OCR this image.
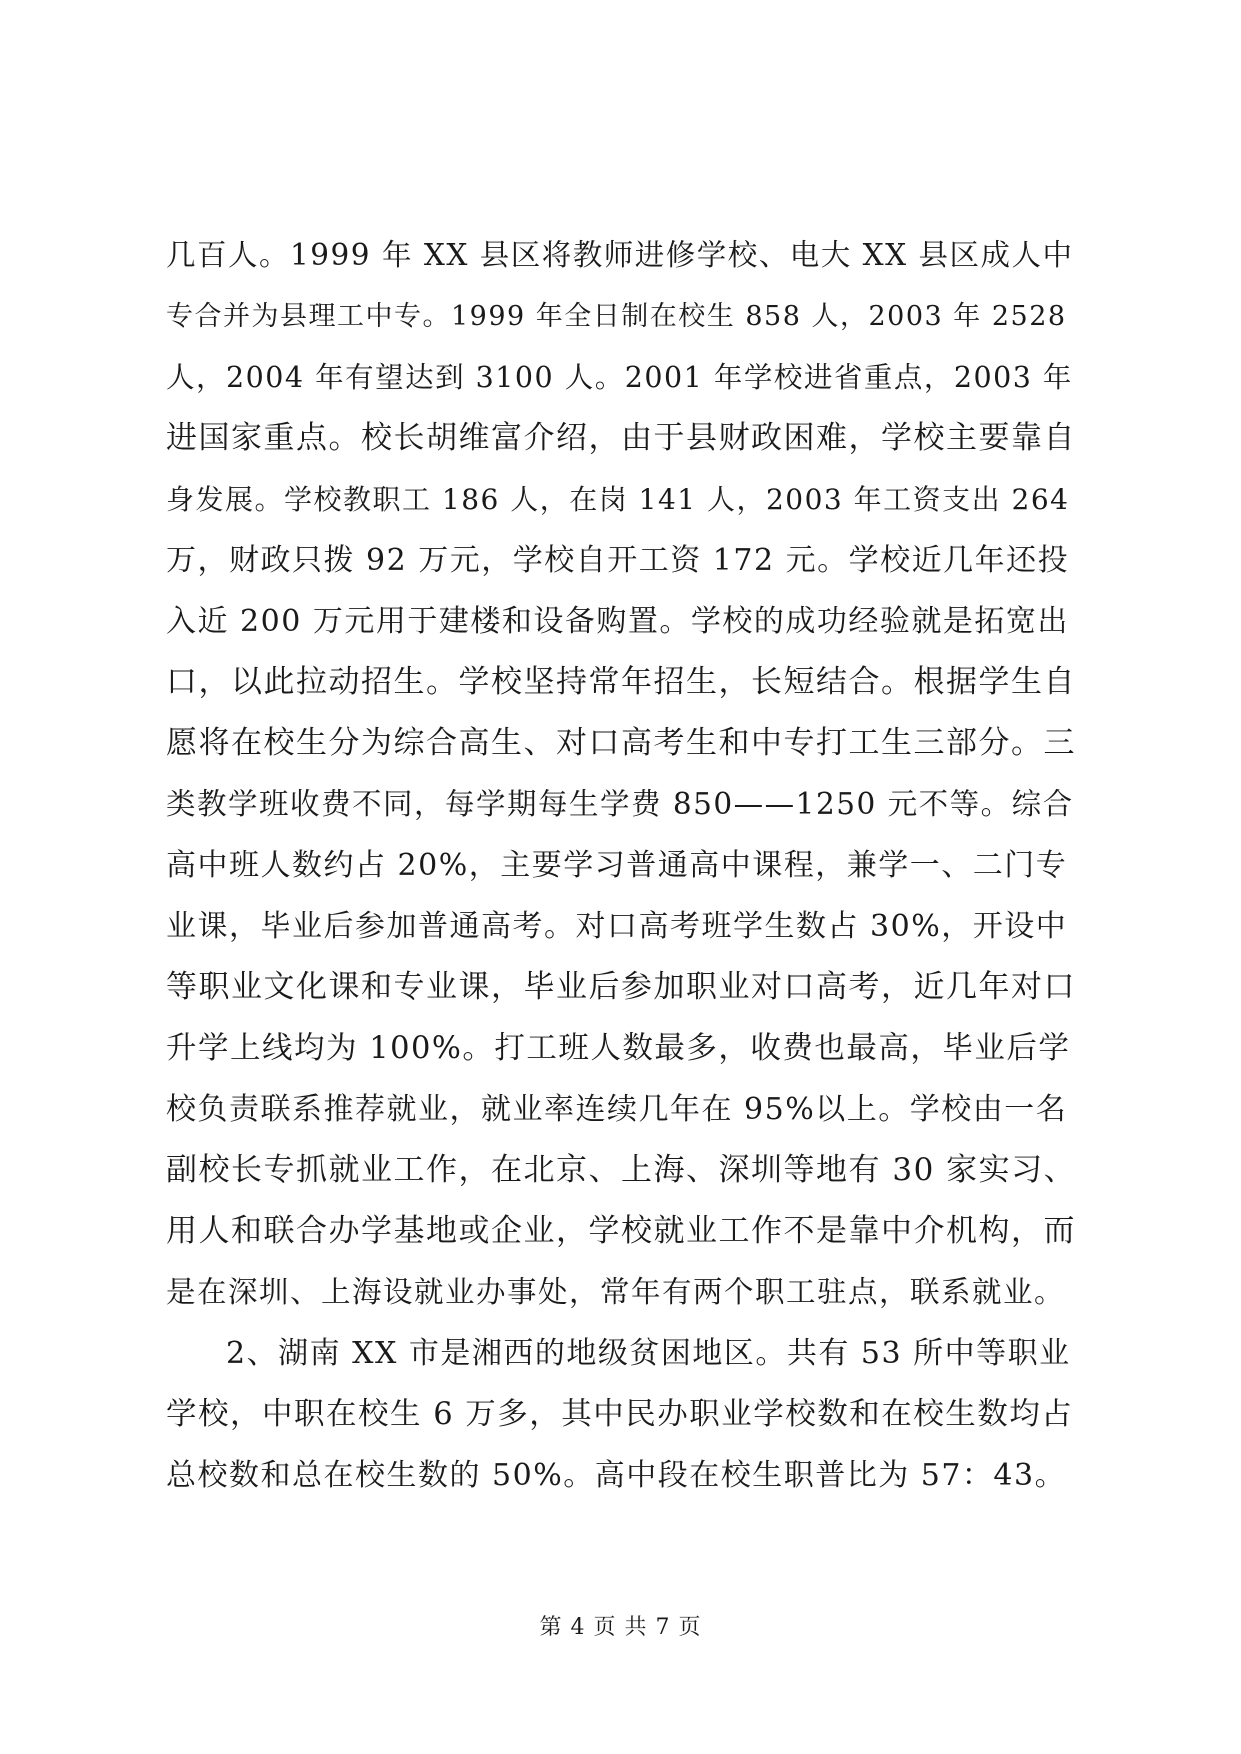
几百人。1999 年 XX 县区将教师进修学校、电大 XX 县区成人中
专合并为县理工中专。1999 年全日制在校生 858 人，2003 年 2528
人，2004 年有望达到 3100 人。2001 年学校进省重点，2003 年
进国家重点。校长胡维富介绍，由于县财政困难，学校主要靠自
身发展。学校教职工 186 人，在岗 141 人，2003 年工资支出 264
万，财政只拨 92 万元，学校自开工资 172 元。学校近几年还投
入近 200 万元用于建楼和设备购置。学校的成功经验就是拓宽出
口，以此拉动招生。学校坚持常年招生，长短结合。根据学生自
愿将在校生分为综合高生、对口高考生和中专打工生三部分。三
类教学班收费不同，每学期每生学费 850——1250 元不等。综合
高中班人数约占 20%，主要学习普通高中课程，兼学一、二门专
业课，毕业后参加普通高考。对口高考班学生数占 30%，开设中
等职业文化课和专业课，毕业后参加职业对口高考，近几年对口
升学上线均为 100%。打工班人数最多，收费也最高，毕业后学
校负责联系推荐就业，就业率连续几年在 95%以上。学校由一名
副校长专抓就业工作，在北京、上海、深圳等地有 30 家实习、
用人和联合办学基地或企业，学校就业工作不是靠中介机构，而
是在深圳、上海设就业办事处，常年有两个职工驻点，联系就业。

2、湖南 XX 市是湘西的地级贫困地区。共有 53 所中等职业
学校，中职在校生 6 万多，其中民办职业学校数和在校生数均占
总校数和总在校生数的 50%。高中段在校生职普比为 57：43。

第 4 页 共 7 页
